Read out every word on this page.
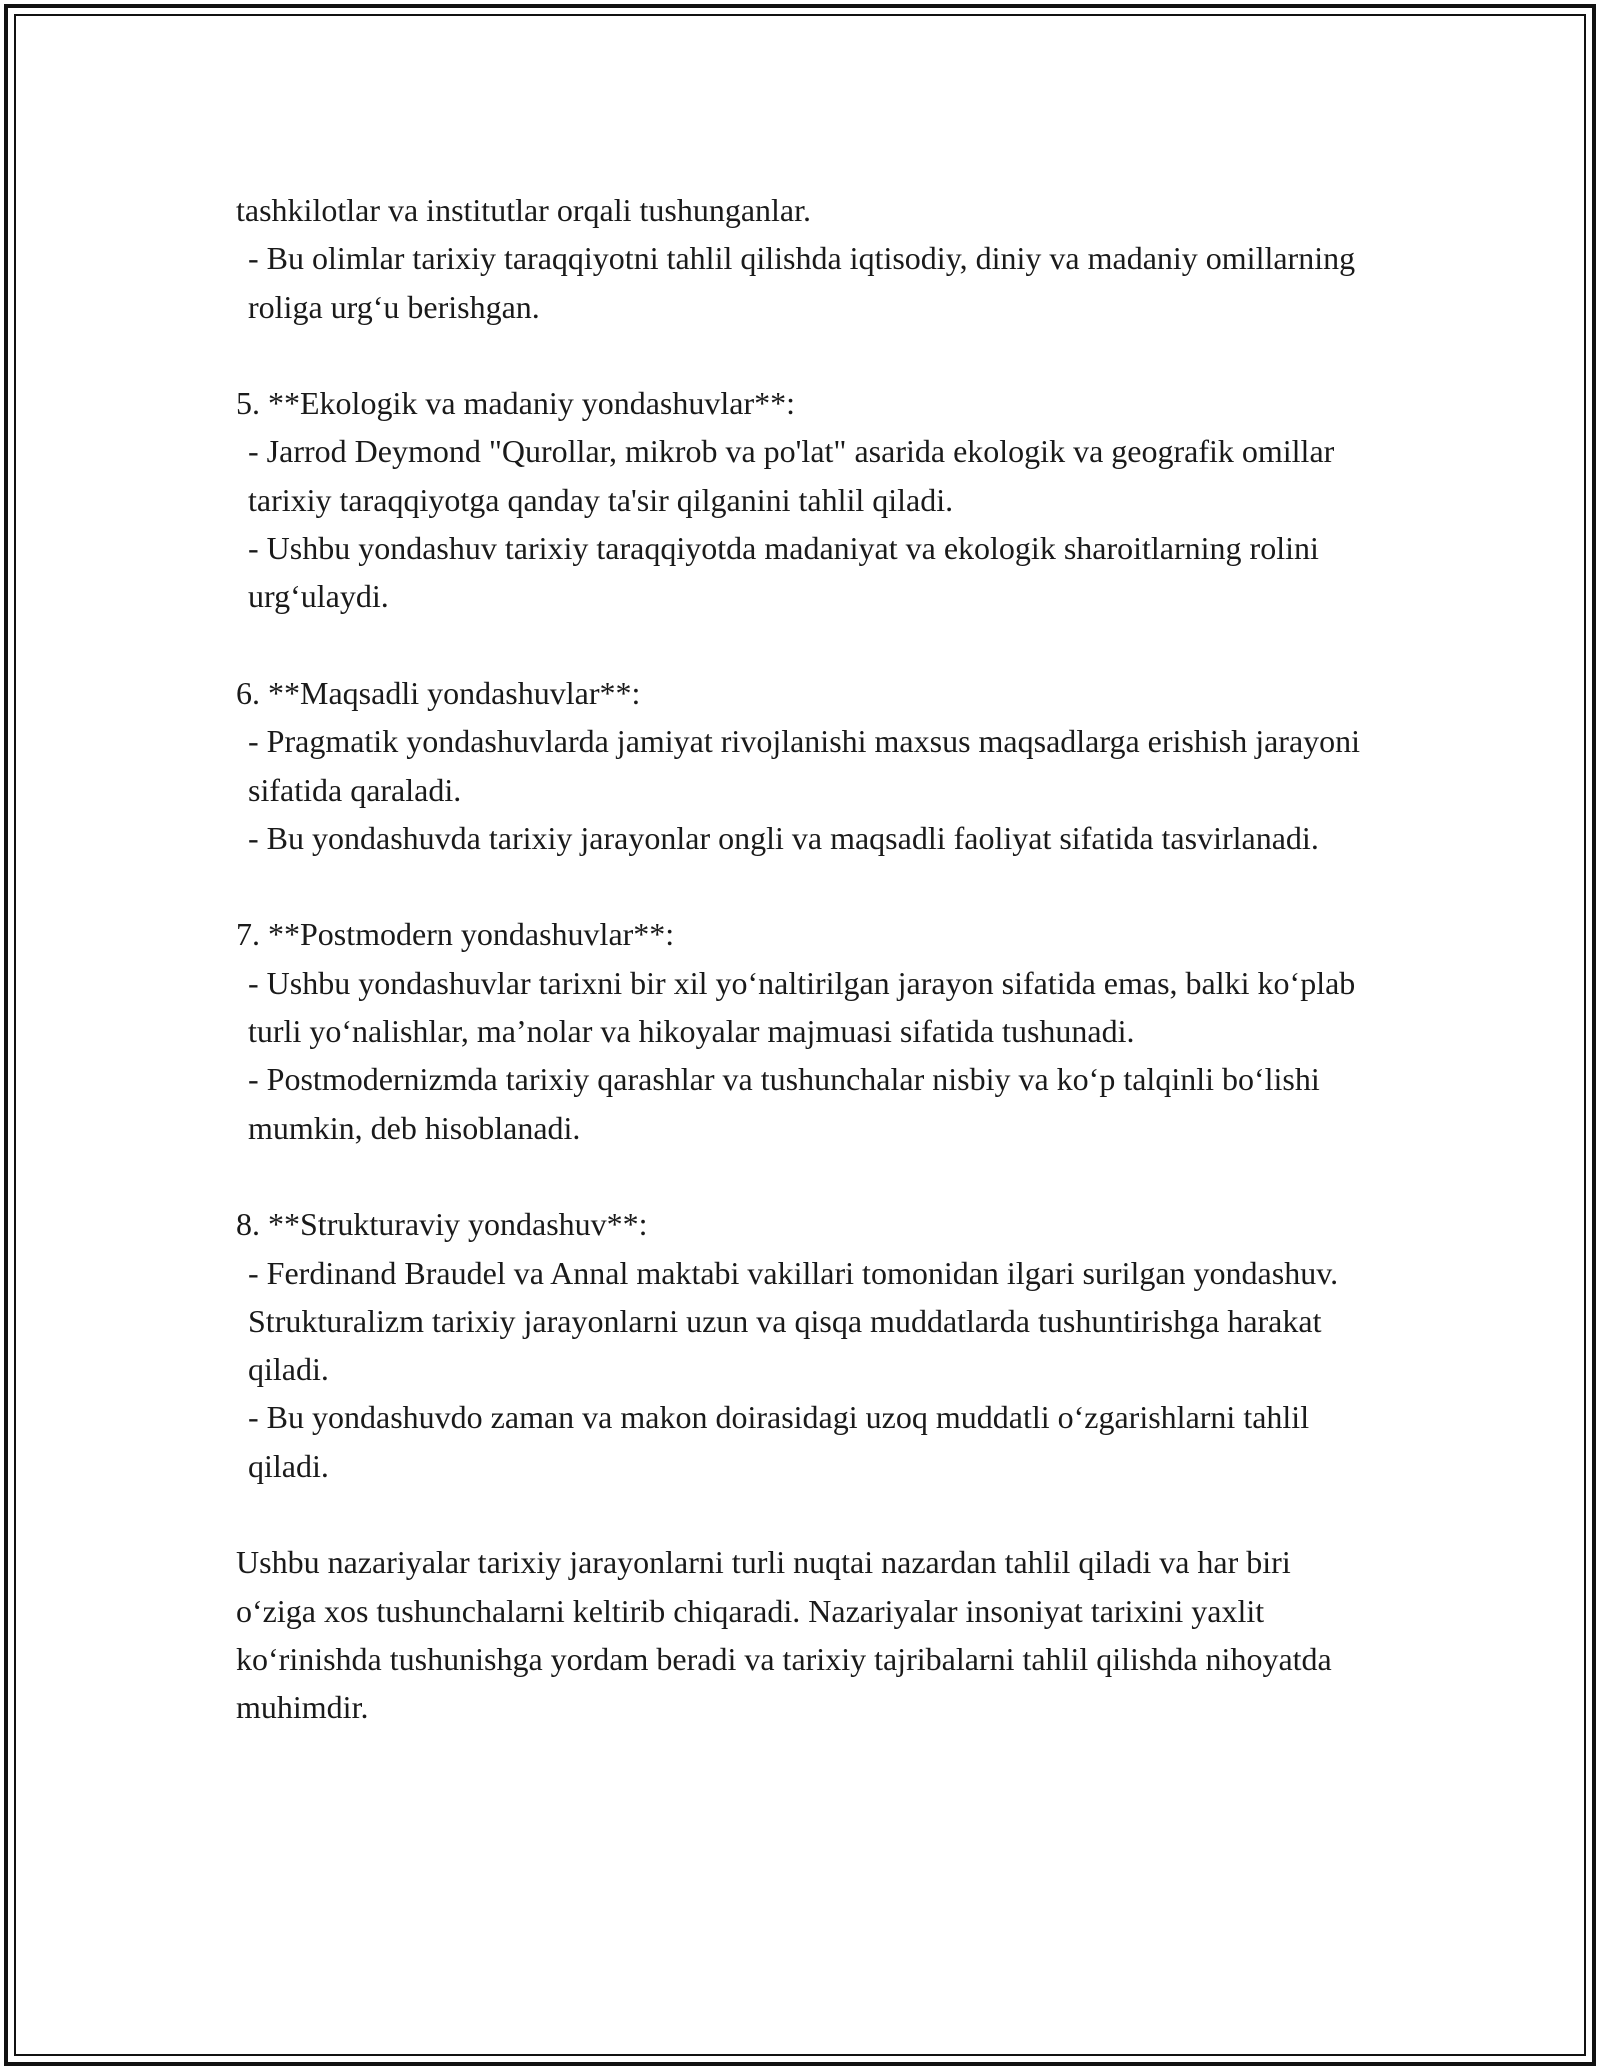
tashkilotlar va institutlar orqali tushunganlar.

- Bu olimlar tarixiy taraqqiyotni tahlil qilishda iqtisodiy, diniy va madaniy omillarning roliga urg‘u berishgan.

5. **Ekologik va madaniy yondashuvlar**:

- Jarrod Deymond "Qurollar, mikrob va po'lat" asarida ekologik va geografik omillar tarixiy taraqqiyotga qanday ta'sir qilganini tahlil qiladi.

- Ushbu yondashuv tarixiy taraqqiyotda madaniyat va ekologik sharoitlarning rolini urg‘ulaydi.

6. **Maqsadli yondashuvlar**:

- Pragmatik yondashuvlarda jamiyat rivojlanishi maxsus maqsadlarga erishish jarayoni sifatida qaraladi.

- Bu yondashuvda tarixiy jarayonlar ongli va maqsadli faoliyat sifatida tasvirlanadi.

7. **Postmodern yondashuvlar**:

- Ushbu yondashuvlar tarixni bir xil yo‘naltirilgan jarayon sifatida emas, balki ko‘plab turli yo‘nalishlar, ma’nolar va hikoyalar majmuasi sifatida tushunadi.

- Postmodernizmda tarixiy qarashlar va tushunchalar nisbiy va ko‘p talqinli bo‘lishi mumkin, deb hisoblanadi.

8. **Strukturaviy yondashuv**:

- Ferdinand Braudel va Annal maktabi vakillari tomonidan ilgari surilgan yondashuv. Strukturalizm tarixiy jarayonlarni uzun va qisqa muddatlarda tushuntirishga harakat qiladi.

- Bu yondashuvdo zaman va makon doirasidagi uzoq muddatli o‘zgarishlarni tahlil qiladi.

Ushbu nazariyalar tarixiy jarayonlarni turli nuqtai nazardan tahlil qiladi va har biri o‘ziga xos tushunchalarni keltirib chiqaradi. Nazariyalar insoniyat tarixini yaxlit ko‘rinishda tushunishga yordam beradi va tarixiy tajribalarni tahlil qilishda nihoyatda muhimdir.
